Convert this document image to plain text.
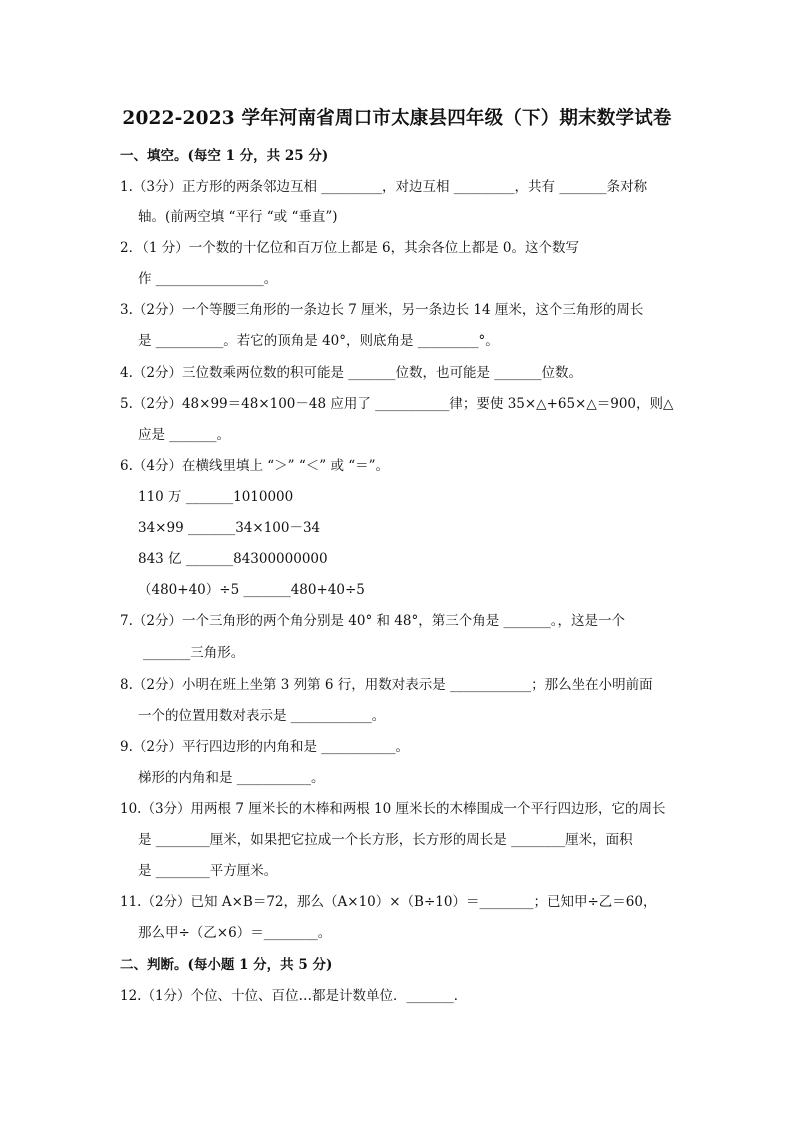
2022-2023 学年河南省周口市太康县四年级（下）期末数学试卷
一、填空。(每空 1 分，共 25 分)
1.（3分）正方形的两条邻边互相 _________，对边互相 _________，共有 _______条对称
轴。(前两空填 “平行 “或 “垂直”)
2．（1 分）一个数的十亿位和百万位上都是 6，其余各位上都是 0。这个数写
作 ________________。
3.（2分）一个等腰三角形的一条边长 7 厘米，另一条边长 14 厘米，这个三角形的周长
是 __________。若它的顶角是 40°，则底角是 _________°。
4.（2分）三位数乘两位数的积可能是 _______位数，也可能是 _______位数。
5.（2分）48×99＝48×100－48 应用了 ___________律；要使 35×△+65×△＝900，则△
应是 _______。
6.（4分）在横线里填上 “＞” “＜” 或 “＝”。
110 万 _______1010000
34×99 _______34×100－34
843 亿 _______84300000000
（480+40）÷5 _______480+40÷5
7.（2分）一个三角形的两个角分别是 40° 和 48°，第三个角是 _______。，这是一个
_______三角形。
8.（2分）小明在班上坐第 3 列第 6 行，用数对表示是 ____________；那么坐在小明前面
一个的位置用数对表示是 ____________。
9.（2分）平行四边形的内角和是 ___________。
梯形的内角和是 ___________。
10.（3分）用两根 7 厘米长的木棒和两根 10 厘米长的木棒围成一个平行四边形，它的周长
是 ________厘米，如果把它拉成一个长方形，长方形的周长是 ________厘米，面积
是 ________平方厘米。
11.（2分）已知 A×B＝72，那么（A×10）×（B÷10）＝________；已知甲÷乙＝60，
那么甲÷（乙×6）＝________。
二、判断。(每小题 1 分，共 5 分)
12.（1分）个位、十位、百位…都是计数单位．_______．
